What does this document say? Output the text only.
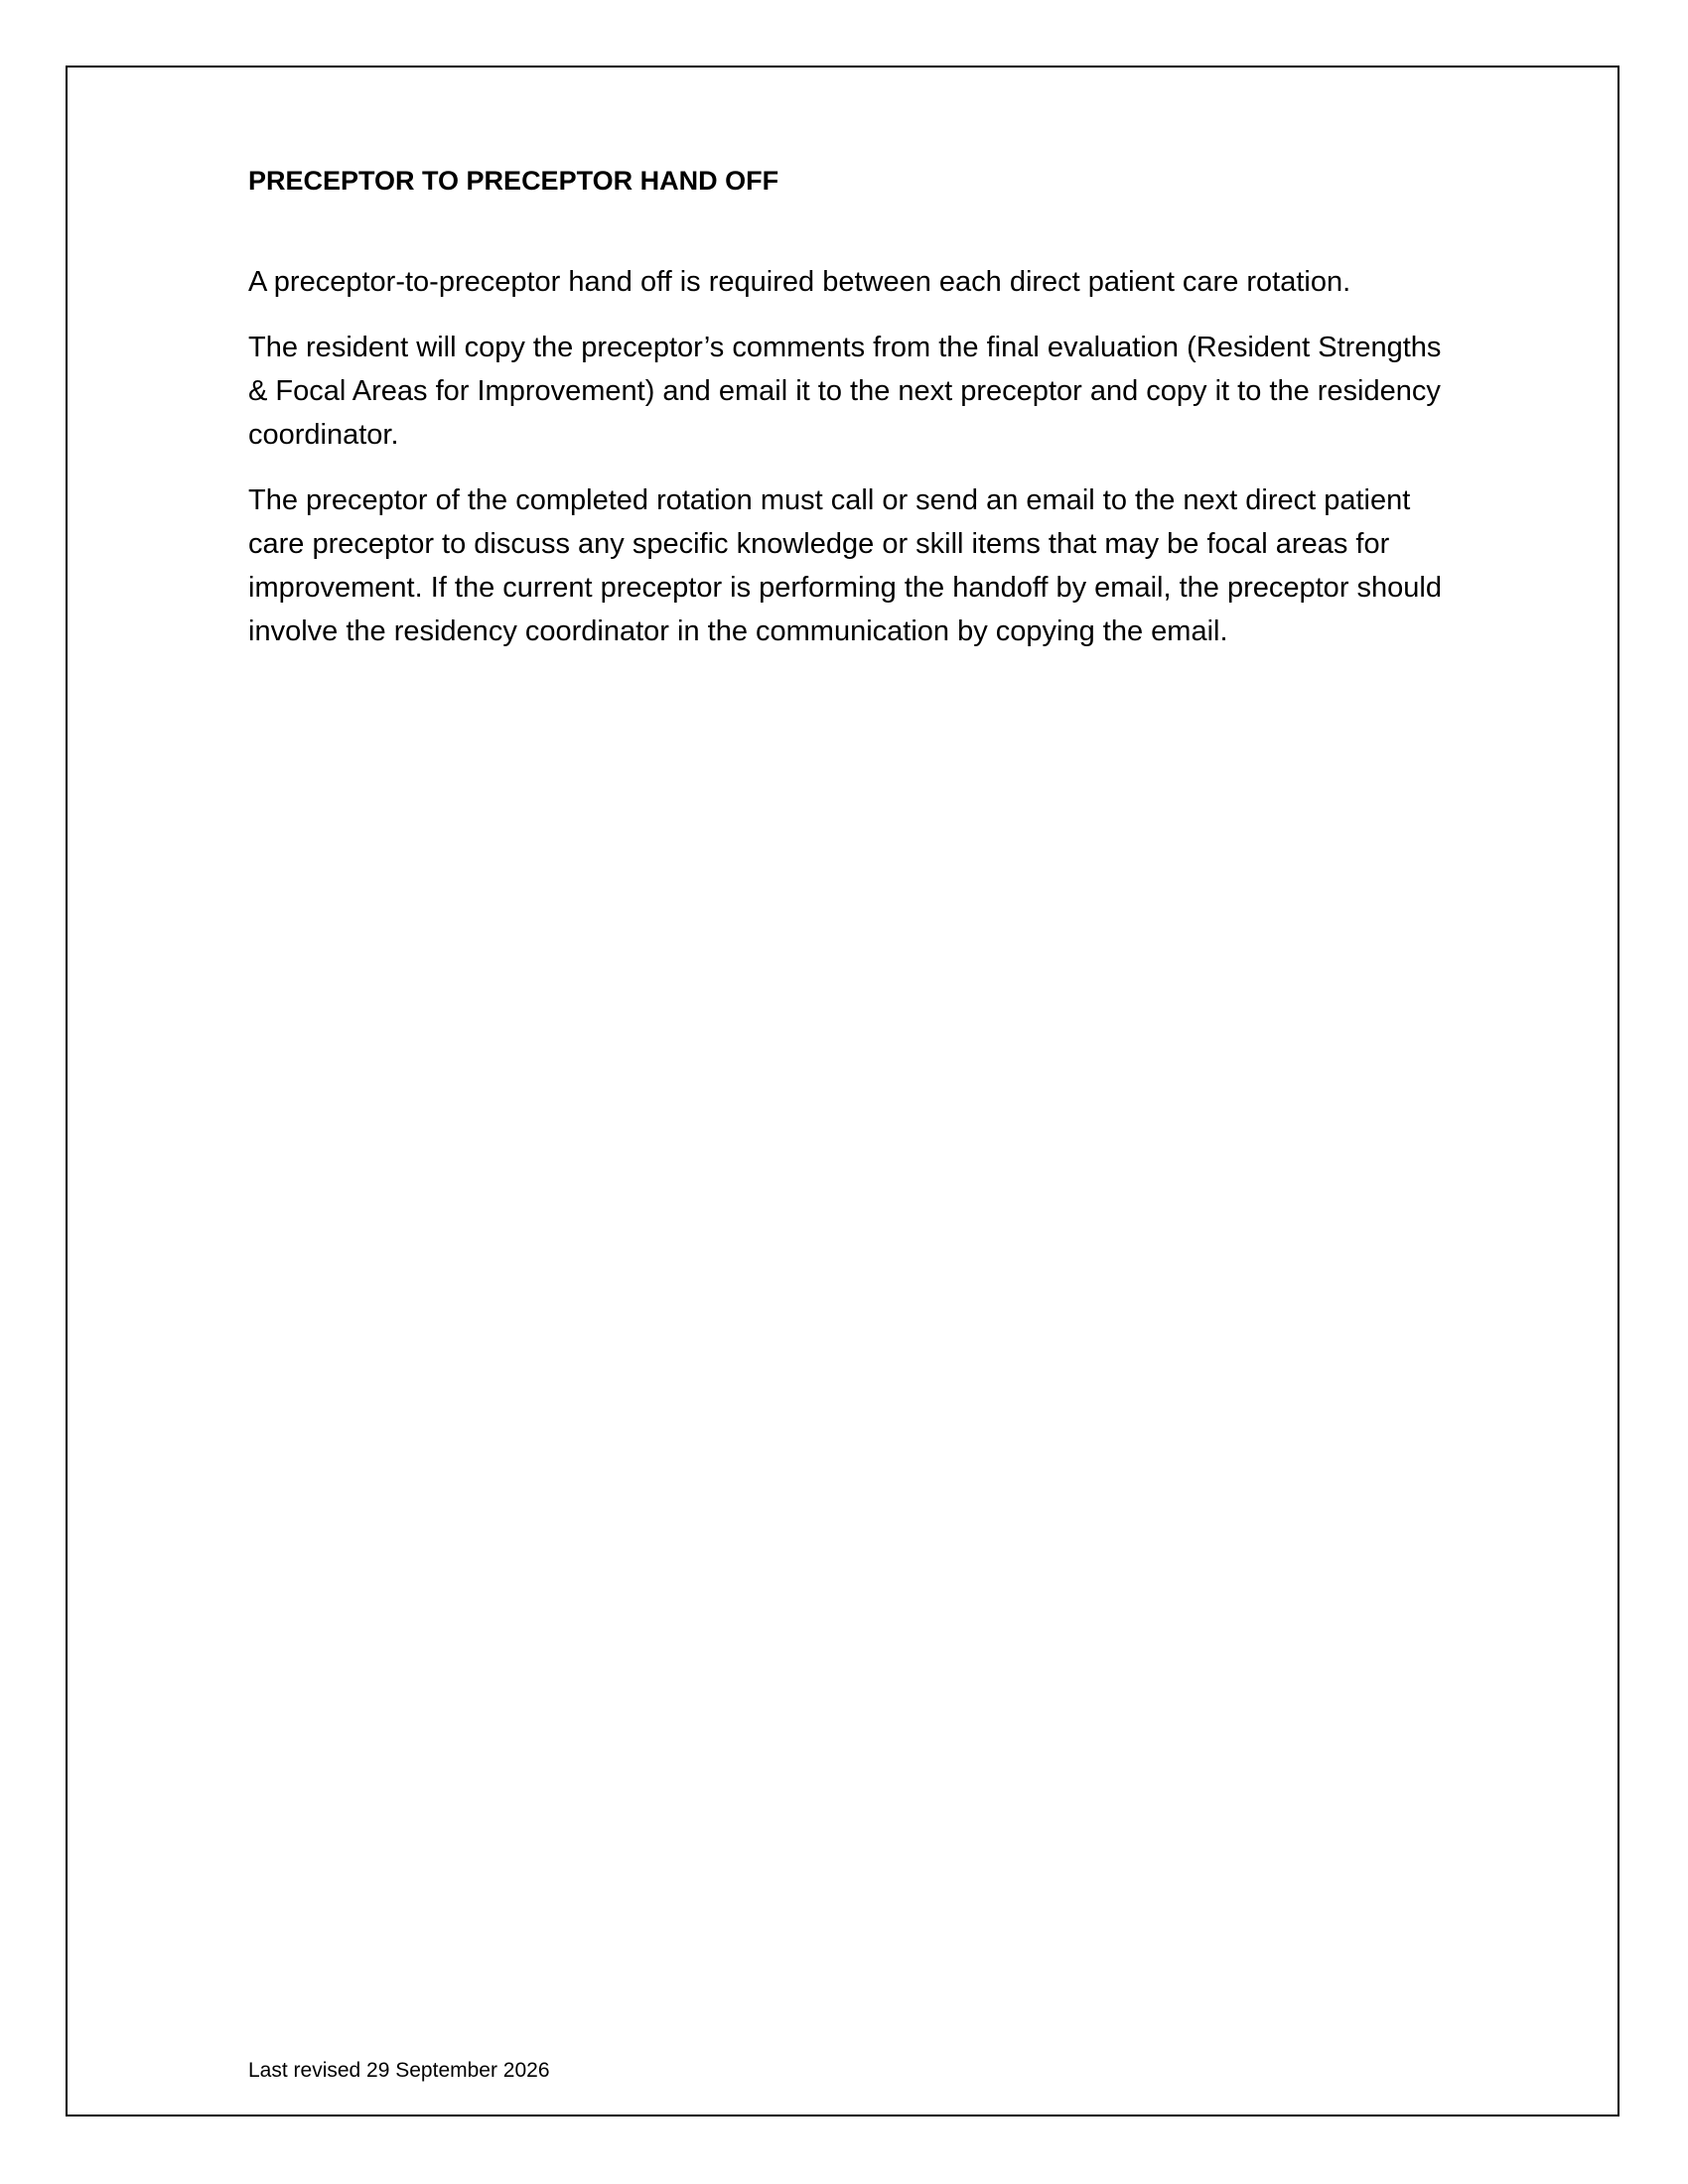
PRECEPTOR TO PRECEPTOR HAND OFF

A preceptor-to-preceptor hand off is required between each direct patient care rotation.

The resident will copy the preceptor’s comments from the final evaluation (Resident Strengths & Focal Areas for Improvement) and email it to the next preceptor and copy it to the residency coordinator.

The preceptor of the completed rotation must call or send an email to the next direct patient care preceptor to discuss any specific knowledge or skill items that may be focal areas for improvement. If the current preceptor is performing the handoff by email, the preceptor should involve the residency coordinator in the communication by copying the email.

Last revised 29 September 2026
